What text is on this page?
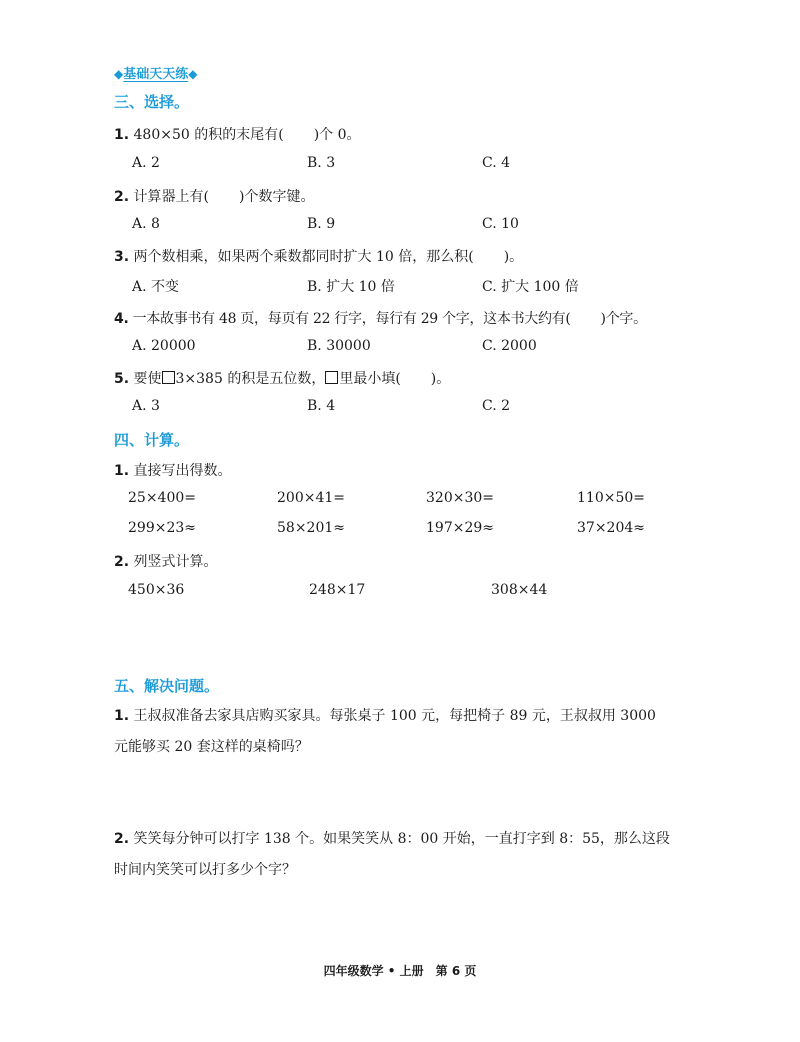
◆基础天天练◆
三、选择。
1. 480×50 的积的末尾有( )个 0。
A. 2	B. 3	C. 4
2. 计算器上有( )个数字键。
A. 8	B. 9	C. 10
3. 两个数相乘，如果两个乘数都同时扩大 10 倍，那么积( )。
A. 不变	B. 扩大 10 倍	C. 扩大 100 倍
4. 一本故事书有 48 页，每页有 22 行字，每行有 29 个字，这本书大约有( )个字。
A. 20000	B. 30000	C. 2000
5. 要使 3×385 的积是五位数， 里最小填( )。
A. 3	B. 4	C. 2
四、计算。
1. 直接写出得数。
25×400=	200×41=	320×30=	110×50=
299×23≈	58×201≈	197×29≈	37×204≈
2. 列竖式计算。
450×36	248×17	308×44
五、解决问题。
1. 王叔叔准备去家具店购买家具。每张桌子 100 元，每把椅子 89 元，王叔叔用 3000
元能够买 20 套这样的桌椅吗？
2. 笑笑每分钟可以打字 138 个。如果笑笑从 8：00 开始，一直打字到 8：55，那么这段
时间内笑笑可以打多少个字？
四年级数学 • 上册　第 6 页
